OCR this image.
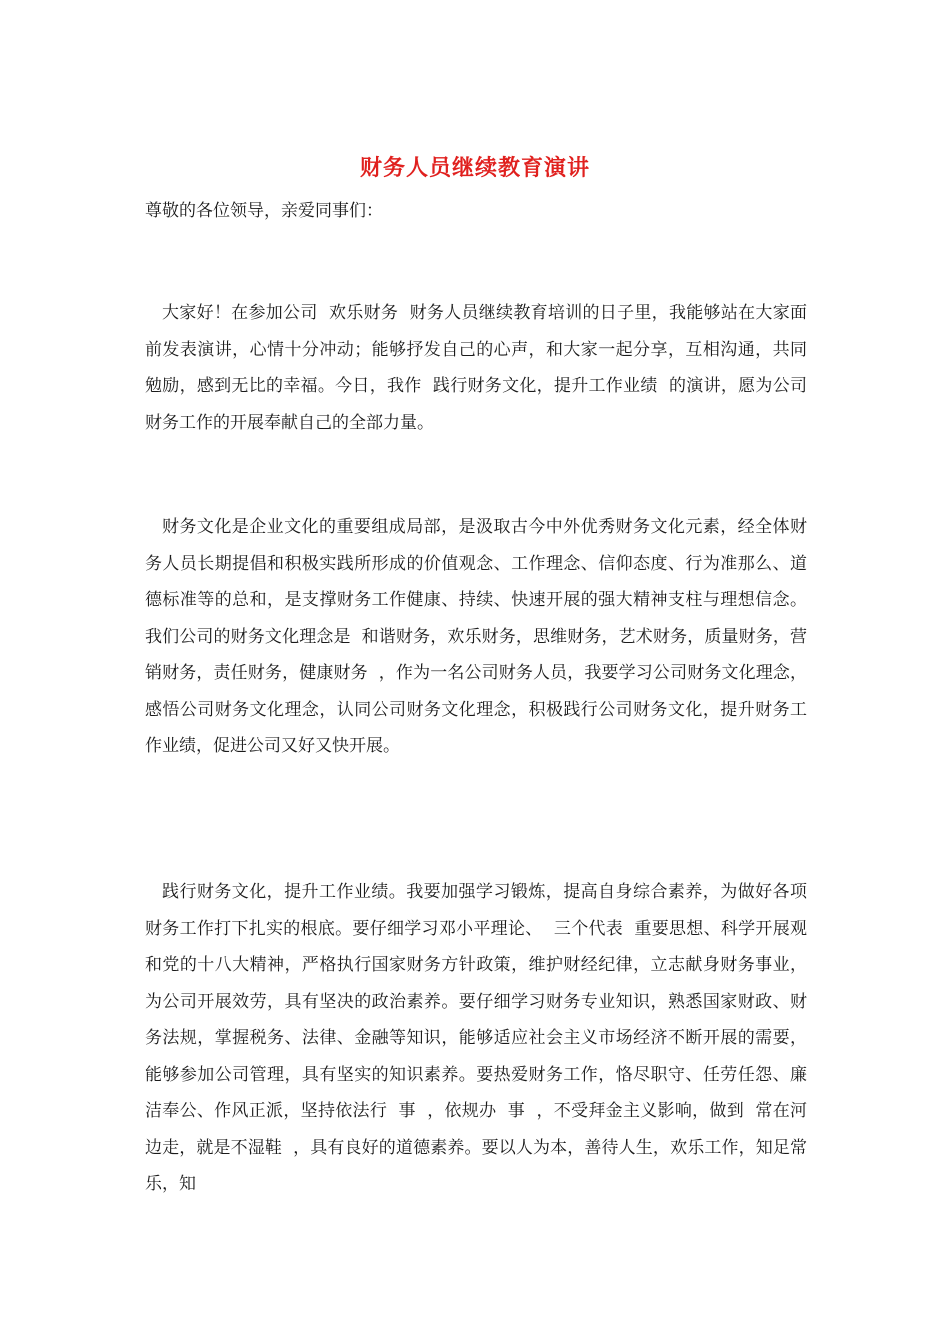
财务人员继续教育演讲

尊敬的各位领导，亲爱同事们：

大家好！在参加公司  欢乐财务  财务人员继续教育培训的日子里，我能够站在大家面前发表演讲，心情十分冲动；能够抒发自己的心声，和大家一起分享，互相沟通，共同勉励，感到无比的幸福。今日，我作  践行财务文化，提升工作业绩  的演讲，愿为公司财务工作的开展奉献自己的全部力量。

财务文化是企业文化的重要组成局部，是汲取古今中外优秀财务文化元素，经全体财务人员长期提倡和积极实践所形成的价值观念、工作理念、信仰态度、行为准那么、道德标准等的总和，是支撑财务工作健康、持续、快速开展的强大精神支柱与理想信念。我们公司的财务文化理念是  和谐财务，欢乐财务，思维财务，艺术财务，质量财务，营销财务，责任财务，健康财务  ，作为一名公司财务人员，我要学习公司财务文化理念，感悟公司财务文化理念，认同公司财务文化理念，积极践行公司财务文化，提升财务工作业绩，促进公司又好又快开展。

践行财务文化，提升工作业绩。我要加强学习锻炼，提高自身综合素养，为做好各项财务工作打下扎实的根底。要仔细学习邓小平理论、  三个代表  重要思想、科学开展观和党的十八大精神，严格执行国家财务方针政策，维护财经纪律，立志献身财务事业，为公司开展效劳，具有坚决的政治素养。要仔细学习财务专业知识，熟悉国家财政、财务法规，掌握税务、法律、金融等知识，能够适应社会主义市场经济不断开展的需要，能够参加公司管理，具有坚实的知识素养。要热爱财务工作，恪尽职守、任劳任怨、廉洁奉公、作风正派，坚持依法行  事  ，依规办  事  ，不受拜金主义影响，做到  常在河边走，就是不湿鞋  ，具有良好的道德素养。要以人为本，善待人生，欢乐工作，知足常乐，知
